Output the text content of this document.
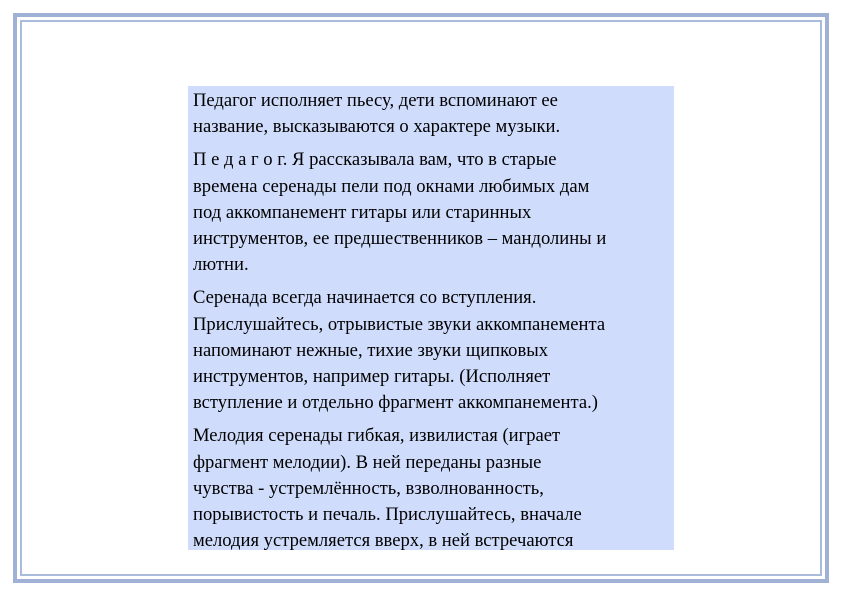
Педагог исполняет пьесу, дети вспоминают ее
название, высказываются о характере музыки.

П е д а г о г. Я рассказывала вам, что в старые
времена серенады пели под окнами любимых дам
под аккомпанемент гитары или старинных
инструментов, ее предшественников – мандолины и
лютни.

Серенада всегда начинается со вступления.
Прислушайтесь, отрывистые звуки аккомпанемента
напоминают нежные, тихие звуки щипковых
инструментов, например гитары. (Исполняет
вступление и отдельно фрагмент аккомпанемента.)

Мелодия серенады гибкая, извилистая (играет
фрагмент мелодии). В ней переданы разные
чувства - устремлённость, взволнованность,
порывистость и печаль. Прислушайтесь, вначале
мелодия устремляется вверх, в ней встречаются
